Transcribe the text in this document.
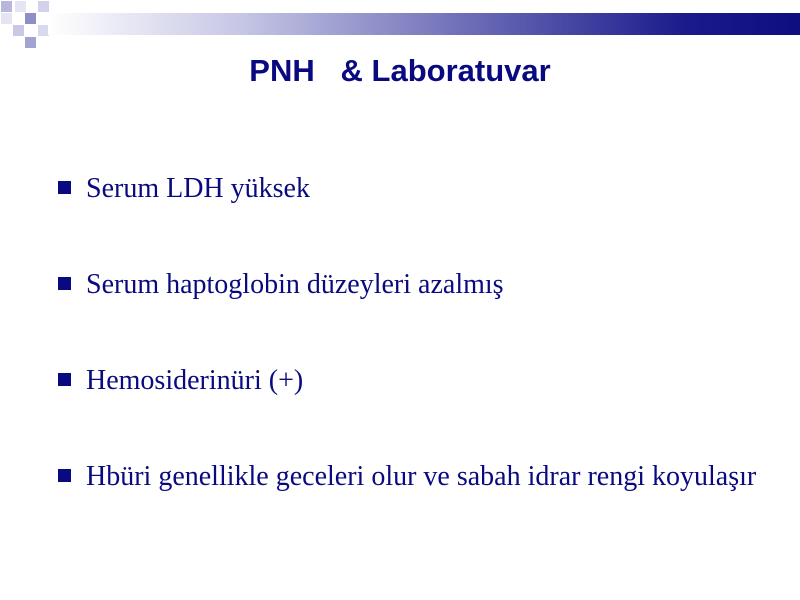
PNH   & Laboratuvar
Serum LDH yüksek
Serum haptoglobin düzeyleri azalmış
Hemosiderinüri (+)
Hbüri genellikle geceleri olur ve sabah idrar rengi koyulaşır
